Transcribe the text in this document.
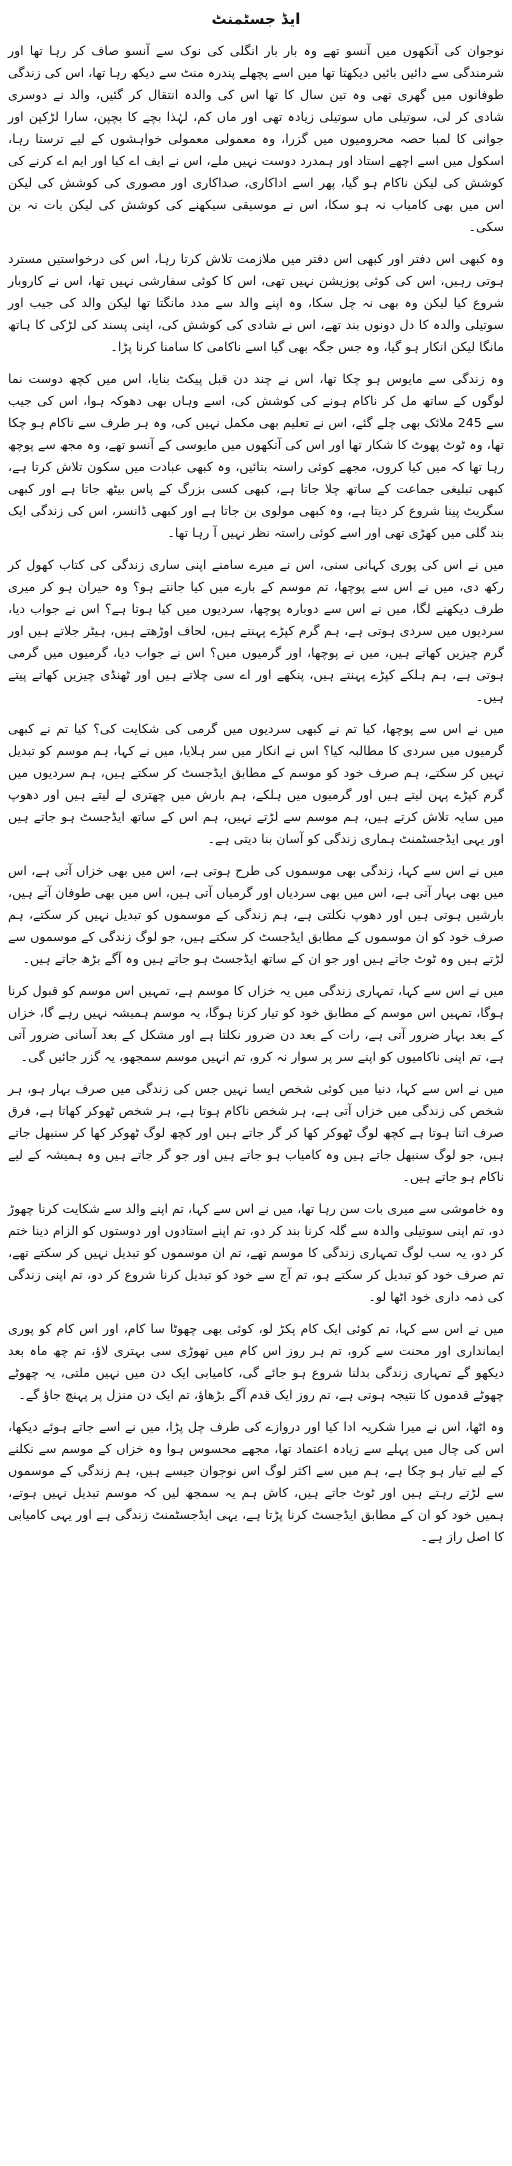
ایڈ جسٹمنٹ

نوجوان کی آنکھوں میں آنسو تھے وہ بار بار انگلی کی نوک سے آنسو صاف کر رہا تھا اور شرمندگی سے دائیں بائیں دیکھتا تھا میں اسے پچھلے پندرہ منٹ سے دیکھ رہا تھا، اس کی زندگی طوفانوں میں گھری تھی وہ تین سال کا تھا اس کی والدہ انتقال کر گئیں، والد نے دوسری شادی کر لی، سوتیلی ماں سوتیلی زیادہ تھی اور ماں کم، لہٰذا بچے کا بچپن، سارا لڑکپن اور جوانی کا لمبا حصہ محرومیوں میں گزرا، وہ معمولی معمولی خواہشوں کے لیے ترستا رہا، اسکول میں اسے اچھے استاد اور ہمدرد دوست نہیں ملے، اس نے ایف اے کیا اور ایم اے کرنے کی کوشش کی لیکن ناکام ہو گیا، پھر اسے اداکاری، صداکاری اور مصوری کی کوشش کی لیکن اس میں بھی کامیاب نہ ہو سکا، اس نے موسیقی سیکھنے کی کوشش کی لیکن بات نہ بن سکی۔

وہ کبھی اس دفتر اور کبھی اس دفتر میں ملازمت تلاش کرتا رہا، اس کی درخواستیں مسترد ہوتی رہیں، اس کی کوئی پوزیشن نہیں تھی، اس کا کوئی سفارشی نہیں تھا، اس نے کاروبار شروع کیا لیکن وہ بھی نہ چل سکا، وہ اپنے والد سے مدد مانگتا تھا لیکن والد کی جیب اور سوتیلی والدہ کا دل دونوں بند تھے، اس نے شادی کی کوشش کی، اپنی پسند کی لڑکی کا ہاتھ مانگا لیکن انکار ہو گیا، وہ جس جگہ بھی گیا اسے ناکامی کا سامنا کرنا پڑا۔

وہ زندگی سے مایوس ہو چکا تھا، اس نے چند دن قبل پیکٹ بنایا، اس میں کچھ دوست نما لوگوں کے ساتھ مل کر ناکام ہونے کی کوشش کی، اسے وہاں بھی دھوکہ ہوا، اس کی جیب سے 245 ملائک بھی چلے گئے، اس نے تعلیم بھی مکمل نہیں کی، وہ ہر طرف سے ناکام ہو چکا تھا، وہ ٹوٹ پھوٹ کا شکار تھا اور اس کی آنکھوں میں مایوسی کے آنسو تھے، وہ مجھ سے پوچھ رہا تھا کہ میں کیا کروں، مجھے کوئی راستہ بتائیں، وہ کبھی عبادت میں سکون تلاش کرتا ہے، کبھی تبلیغی جماعت کے ساتھ چلا جاتا ہے، کبھی کسی بزرگ کے پاس بیٹھ جاتا ہے اور کبھی سگریٹ پینا شروع کر دیتا ہے، وہ کبھی مولوی بن جاتا ہے اور کبھی ڈانسر، اس کی زندگی ایک بند گلی میں کھڑی تھی اور اسے کوئی راستہ نظر نہیں آ رہا تھا۔

میں نے اس کی پوری کہانی سنی، اس نے میرے سامنے اپنی ساری زندگی کی کتاب کھول کر رکھ دی، میں نے اس سے پوچھا، تم موسم کے بارے میں کیا جانتے ہو؟ وہ حیران ہو کر میری طرف دیکھنے لگا، میں نے اس سے دوبارہ پوچھا، سردیوں میں کیا ہوتا ہے؟ اس نے جواب دیا، سردیوں میں سردی ہوتی ہے، ہم گرم کپڑے پہنتے ہیں، لحاف اوڑھتے ہیں، ہیٹر جلاتے ہیں اور گرم چیزیں کھاتے ہیں، میں نے پوچھا، اور گرمیوں میں؟ اس نے جواب دیا، گرمیوں میں گرمی ہوتی ہے، ہم ہلکے کپڑے پہنتے ہیں، پنکھے اور اے سی چلاتے ہیں اور ٹھنڈی چیزیں کھاتے پیتے ہیں۔

میں نے اس سے پوچھا، کیا تم نے کبھی سردیوں میں گرمی کی شکایت کی؟ کیا تم نے کبھی گرمیوں میں سردی کا مطالبہ کیا؟ اس نے انکار میں سر ہلایا، میں نے کہا، ہم موسم کو تبدیل نہیں کر سکتے، ہم صرف خود کو موسم کے مطابق ایڈجسٹ کر سکتے ہیں، ہم سردیوں میں گرم کپڑے پہن لیتے ہیں اور گرمیوں میں ہلکے، ہم بارش میں چھتری لے لیتے ہیں اور دھوپ میں سایہ تلاش کرتے ہیں، ہم موسم سے لڑتے نہیں، ہم اس کے ساتھ ایڈجسٹ ہو جاتے ہیں اور یہی ایڈجسٹمنٹ ہماری زندگی کو آسان بنا دیتی ہے۔

میں نے اس سے کہا، زندگی بھی موسموں کی طرح ہوتی ہے، اس میں بھی خزاں آتی ہے، اس میں بھی بہار آتی ہے، اس میں بھی سردیاں اور گرمیاں آتی ہیں، اس میں بھی طوفان آتے ہیں، بارشیں ہوتی ہیں اور دھوپ نکلتی ہے، ہم زندگی کے موسموں کو تبدیل نہیں کر سکتے، ہم صرف خود کو ان موسموں کے مطابق ایڈجسٹ کر سکتے ہیں، جو لوگ زندگی کے موسموں سے لڑتے ہیں وہ ٹوٹ جاتے ہیں اور جو ان کے ساتھ ایڈجسٹ ہو جاتے ہیں وہ آگے بڑھ جاتے ہیں۔

میں نے اس سے کہا، تمہاری زندگی میں یہ خزاں کا موسم ہے، تمہیں اس موسم کو قبول کرنا ہوگا، تمہیں اس موسم کے مطابق خود کو تیار کرنا ہوگا، یہ موسم ہمیشہ نہیں رہے گا، خزاں کے بعد بہار ضرور آتی ہے، رات کے بعد دن ضرور نکلتا ہے اور مشکل کے بعد آسانی ضرور آتی ہے، تم اپنی ناکامیوں کو اپنے سر پر سوار نہ کرو، تم انہیں موسم سمجھو، یہ گزر جائیں گی۔

میں نے اس سے کہا، دنیا میں کوئی شخص ایسا نہیں جس کی زندگی میں صرف بہار ہو، ہر شخص کی زندگی میں خزاں آتی ہے، ہر شخص ناکام ہوتا ہے، ہر شخص ٹھوکر کھاتا ہے، فرق صرف اتنا ہوتا ہے کچھ لوگ ٹھوکر کھا کر گر جاتے ہیں اور کچھ لوگ ٹھوکر کھا کر سنبھل جاتے ہیں، جو لوگ سنبھل جاتے ہیں وہ کامیاب ہو جاتے ہیں اور جو گر جاتے ہیں وہ ہمیشہ کے لیے ناکام ہو جاتے ہیں۔

وہ خاموشی سے میری بات سن رہا تھا، میں نے اس سے کہا، تم اپنے والد سے شکایت کرنا چھوڑ دو، تم اپنی سوتیلی والدہ سے گلہ کرنا بند کر دو، تم اپنے استادوں اور دوستوں کو الزام دینا ختم کر دو، یہ سب لوگ تمہاری زندگی کا موسم تھے، تم ان موسموں کو تبدیل نہیں کر سکتے تھے، تم صرف خود کو تبدیل کر سکتے ہو، تم آج سے خود کو تبدیل کرنا شروع کر دو، تم اپنی زندگی کی ذمہ داری خود اٹھا لو۔

میں نے اس سے کہا، تم کوئی ایک کام پکڑ لو، کوئی بھی چھوٹا سا کام، اور اس کام کو پوری ایمانداری اور محنت سے کرو، تم ہر روز اس کام میں تھوڑی سی بہتری لاؤ، تم چھ ماہ بعد دیکھو گے تمہاری زندگی بدلنا شروع ہو جائے گی، کامیابی ایک دن میں نہیں ملتی، یہ چھوٹے چھوٹے قدموں کا نتیجہ ہوتی ہے، تم روز ایک قدم آگے بڑھاؤ، تم ایک دن منزل پر پہنچ جاؤ گے۔

وہ اٹھا، اس نے میرا شکریہ ادا کیا اور دروازے کی طرف چل پڑا، میں نے اسے جاتے ہوئے دیکھا، اس کی چال میں پہلے سے زیادہ اعتماد تھا، مجھے محسوس ہوا وہ خزاں کے موسم سے نکلنے کے لیے تیار ہو چکا ہے، ہم میں سے اکثر لوگ اس نوجوان جیسے ہیں، ہم زندگی کے موسموں سے لڑتے رہتے ہیں اور ٹوٹ جاتے ہیں، کاش ہم یہ سمجھ لیں کہ موسم تبدیل نہیں ہوتے، ہمیں خود کو ان کے مطابق ایڈجسٹ کرنا پڑتا ہے، یہی ایڈجسٹمنٹ زندگی ہے اور یہی کامیابی کا اصل راز ہے۔
